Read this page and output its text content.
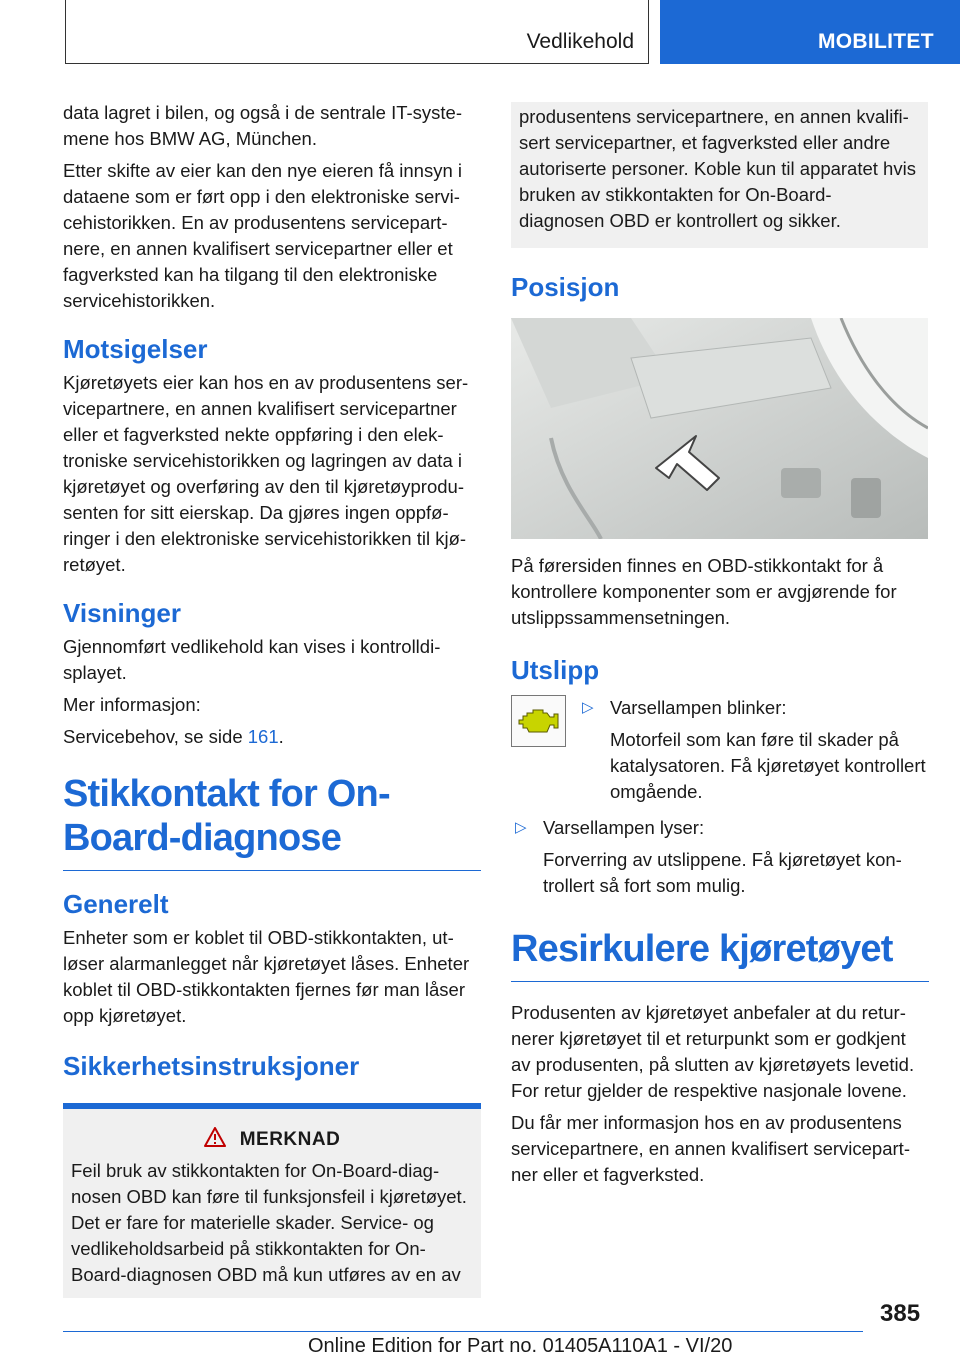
Vedlikehold	MOBILITET

data lagret i bilen, og også i de sentrale IT-systemene hos BMW AG, München.

Etter skifte av eier kan den nye eieren få innsyn i dataene som er ført opp i den elektroniske servicehistorikken. En av produsentens servicepartnere, en annen kvalifisert servicepartner eller et fagverksted kan ha tilgang til den elektroniske servicehistorikken.

Motsigelser

Kjøretøyets eier kan hos en av produsentens servicepartnere, en annen kvalifisert servicepartner eller et fagverksted nekte oppføring i den elektroniske servicehistorikken og lagringen av data i kjøretøyet og overføring av den til kjøretøyprodusenten for sitt eierskap. Da gjøres ingen oppføringer i den elektroniske servicehistorikken til kjøretøyet.

Visninger

Gjennomført vedlikehold kan vises i kontrolldisplayet.

Mer informasjon:

Servicebehov, se side 161.

Stikkontakt for On-Board-diagnose
Generelt

Enheter som er koblet til OBD-stikkontakten, utløser alarmanlegget når kjøretøyet låses. Enheter koblet til OBD-stikkontakten fjernes før man låser opp kjøretøyet.

Sikkerhetsinstruksjoner
MERKNAD

Feil bruk av stikkontakten for On-Board-diagnosen OBD kan føre til funksjonsfeil i kjøretøyet. Det er fare for materielle skader. Service- og vedlikeholdsarbeid på stikkontakten for On-Board-diagnosen OBD må kun utføres av en av

produsentens servicepartnere, en annen kvalifisert servicepartner, et fagverksted eller andre autoriserte personer. Koble kun til apparatet hvis bruken av stikkontakten for On-Board-diagnosen OBD er kontrollert og sikker.

Posisjon

På førersiden finnes en OBD-stikkontakt for å kontrollere komponenter som er avgjørende for utslippssammensetningen.

Utslipp
▷ Varsellampen blinker:

Motorfeil som kan føre til skader på katalysatoren. Få kjøretøyet kontrollert omgående.

▷ Varsellampen lyser:

Forverring av utslippene. Få kjøretøyet kontrollert så fort som mulig.

Resirkulere kjøretøyet

Produsenten av kjøretøyet anbefaler at du returnerer kjøretøyet til et returpunkt som er godkjent av produsenten, på slutten av kjøretøyets levetid. For retur gjelder de respektive nasjonale lovene.

Du får mer informasjon hos en av produsentens servicepartnere, en annen kvalifisert servicepartner eller et fagverksted.

385
Online Edition for Part no. 01405A110A1 - VI/20
